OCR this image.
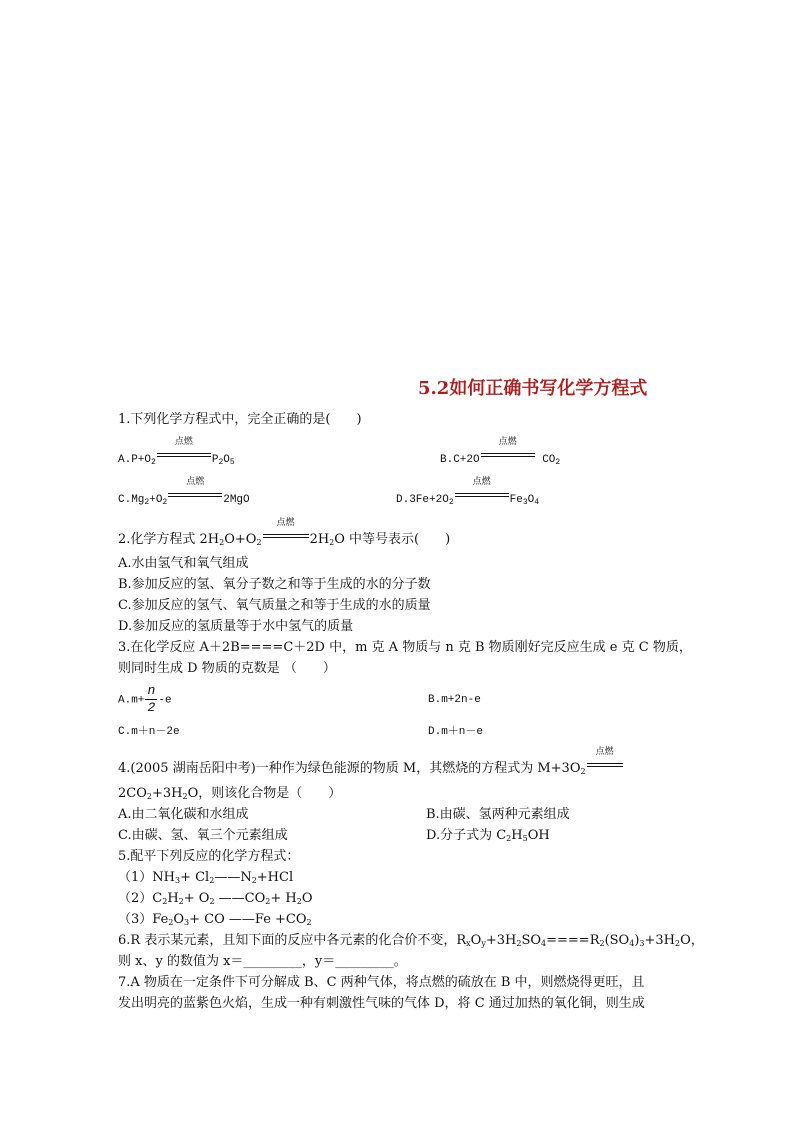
5.2如何正确书写化学方程式
1.下列化学方程式中，完全正确的是(　　)
$A.P+O_2$
点燃
$P_2O_5$	B.C+2O
点燃
$CO_2$
$C.Mg_2+O_2$
点燃
2MgO	$D.3Fe+2O_2$
点燃
$Fe_3O_4$
2.化学方程式 $2H_2O+O_2$
点燃
$2H_2O$ 中等号表示(　　)
A.水由氢气和氧气组成
B.参加反应的氢、氧分子数之和等于生成的水的分子数
C.参加反应的氢气、氧气质量之和等于生成的水的质量
D.参加反应的氢质量等于水中氢气的质量
3.在化学反应 A＋2B====C＋2D 中，m 克 A 物质与 n 克 B 物质刚好完反应生成 e 克 C 物质，
则同时生成 D 物质的克数是 （　　）
$A.m+ \frac{n}{2} -e$	B.m+2n-e
C.m＋n－2e	D.m＋n－e
4.(2005 湖南岳阳中考)一种作为绿色能源的物质 M，其燃烧的方程式为 $M+3O_2$
点燃
$2CO_2+3H_2O$，则该化合物是（　　）
A.由二氧化碳和水组成	B.由碳、氢两种元素组成
C.由碳、氢、氧三个元素组成	D.分子式为 $C_2H_5OH$
5.配平下列反应的化学方程式：
$(1)NH_3+$ $Cl_2——N_2+HCl$
$(2)C_2H_2+ O_2$ $——CO_2+ H_2O$
$(3)Fe_2O_3+$ CO ——Fe $+CO_2$
6.R 表示某元素，且知下面的反应中各元素的化合价不变，$R_xO_y+3H_2SO_4====R_2(SO_4)_3+3H_2O$，
则 x、y 的数值为 x＝_________，y＝_________。
7.A 物质在一定条件下可分解成 B、C 两种气体，将点燃的硫放在 B 中，则燃烧得更旺，且
发出明亮的蓝紫色火焰，生成一种有刺激性气味的气体 D，将 C 通过加热的氧化铜，则生成
